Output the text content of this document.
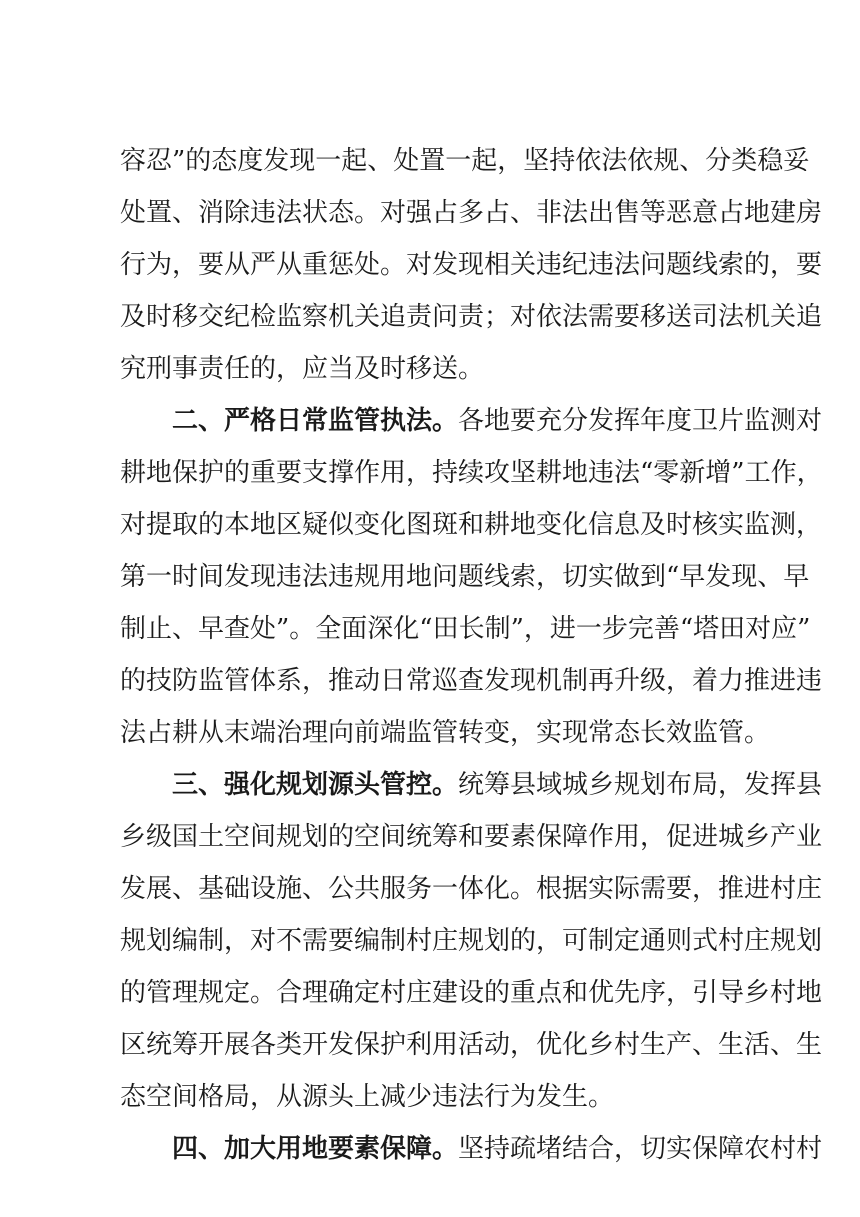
容忍”的态度发现一起、处置一起，坚持依法依规、分类稳妥
处置、消除违法状态。对强占多占、非法出售等恶意占地建房
行为，要从严从重惩处。对发现相关违纪违法问题线索的，要
及时移交纪检监察机关追责问责；对依法需要移送司法机关追
究刑事责任的，应当及时移送。
二、严格日常监管执法。各地要充分发挥年度卫片监测对
耕地保护的重要支撑作用，持续攻坚耕地违法“零新增”工作，
对提取的本地区疑似变化图斑和耕地变化信息及时核实监测，
第一时间发现违法违规用地问题线索，切实做到“早发现、早
制止、早查处”。全面深化“田长制”，进一步完善“塔田对应”
的技防监管体系，推动日常巡查发现机制再升级，着力推进违
法占耕从末端治理向前端监管转变，实现常态长效监管。
三、强化规划源头管控。统筹县域城乡规划布局，发挥县
乡级国土空间规划的空间统筹和要素保障作用，促进城乡产业
发展、基础设施、公共服务一体化。根据实际需要，推进村庄
规划编制，对不需要编制村庄规划的，可制定通则式村庄规划
的管理规定。合理确定村庄建设的重点和优先序，引导乡村地
区统筹开展各类开发保护利用活动，优化乡村生产、生活、生
态空间格局，从源头上减少违法行为发生。
四、加大用地要素保障。坚持疏堵结合，切实保障农村村
